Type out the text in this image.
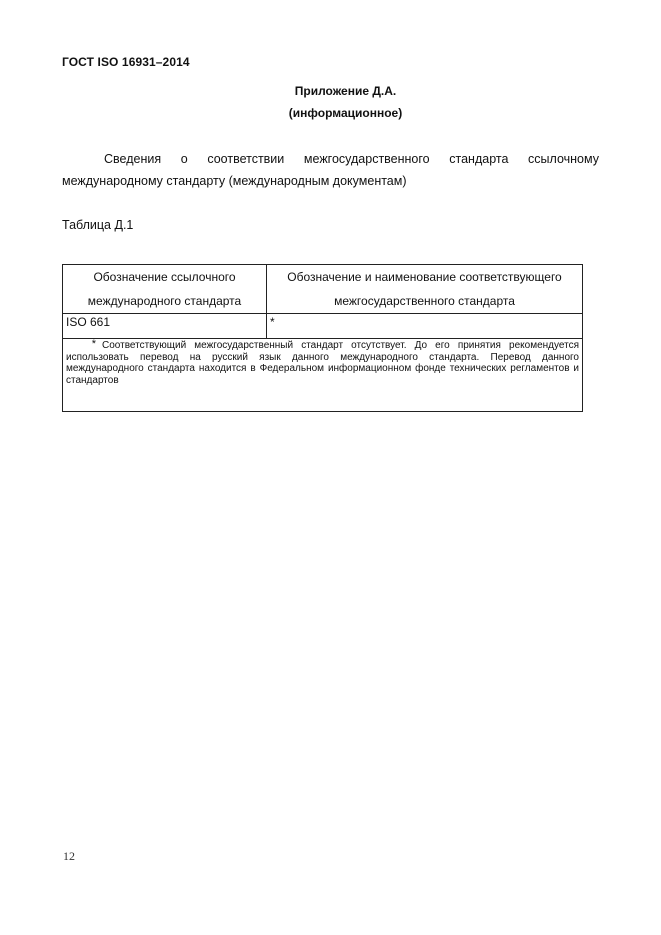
ГОСТ ISO 16931–2014
Приложение Д.А.
(информационное)
Сведения о соответствии межгосударственного стандарта ссылочному международному стандарту (международным документам)
Таблица Д.1
Обозначение ссылочного международного стандарта	Обозначение и наименование соответствующего межгосударственного стандарта
ISO 661	*
* Соответствующий межгосударственный стандарт отсутствует. До его принятия рекомендуется использовать перевод на русский язык данного международного стандарта. Перевод данного международного стандарта находится в Федеральном информационном фонде технических регламентов и стандартов	
12
